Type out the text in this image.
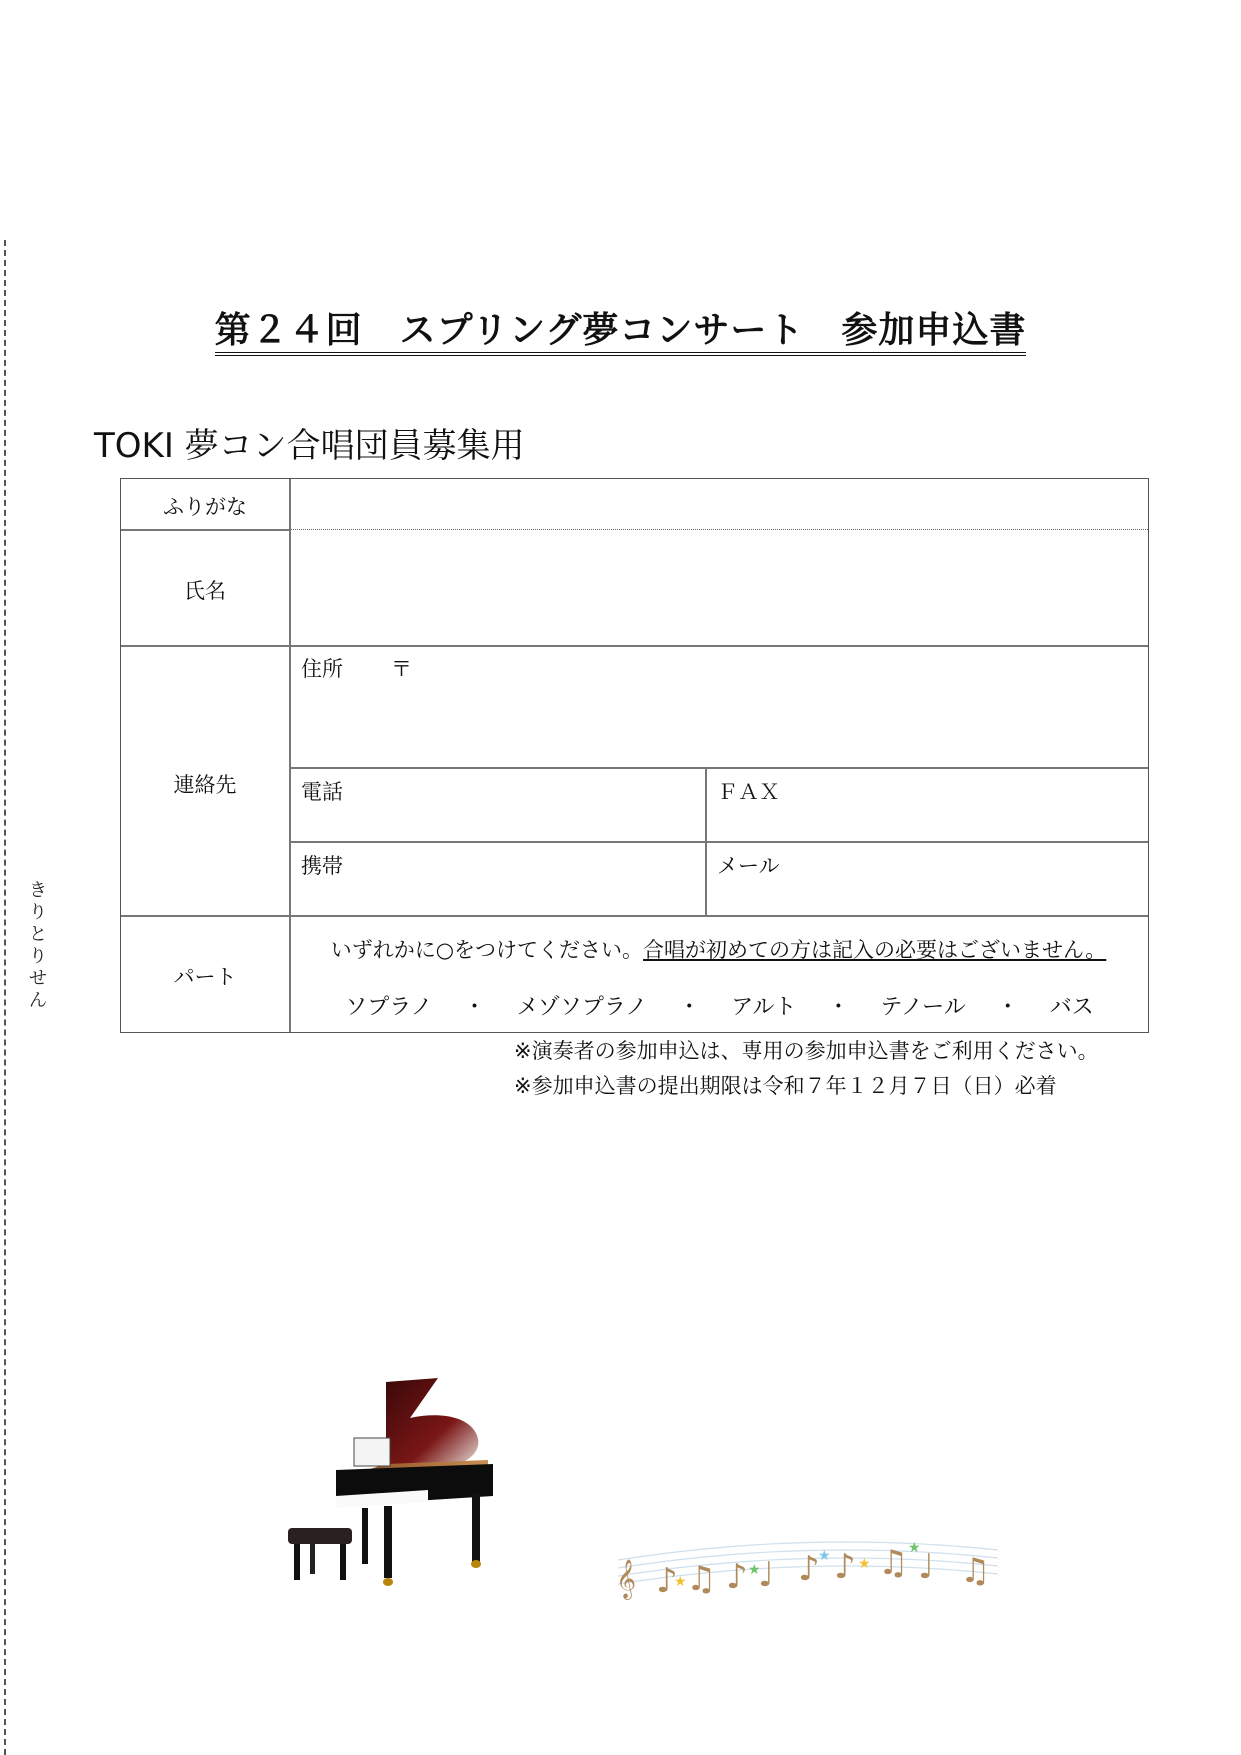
き
り
と
り
せ
ん
第２４回　スプリング夢コンサート　参加申込書
TOKI 夢コン合唱団員募集用
ふりがな
氏名
連絡先
住所 〒
電話	ＦＡＸ
携帯	メール
パート
いずれかに○をつけてください。合唱が初めての方は記入の必要はございません。
ソプラノ ・ メゾソプラノ ・ アルト ・ テノール ・ バス
※演奏者の参加申込は、専用の参加申込書をご利用ください。
※参加申込書の提出期限は令和７年１２月７日（日）必着
𝄞 ♪ ♫ ♪ ♩ ♪ ♪ ♫ ♩ ♫
★
★
★ ★
★
